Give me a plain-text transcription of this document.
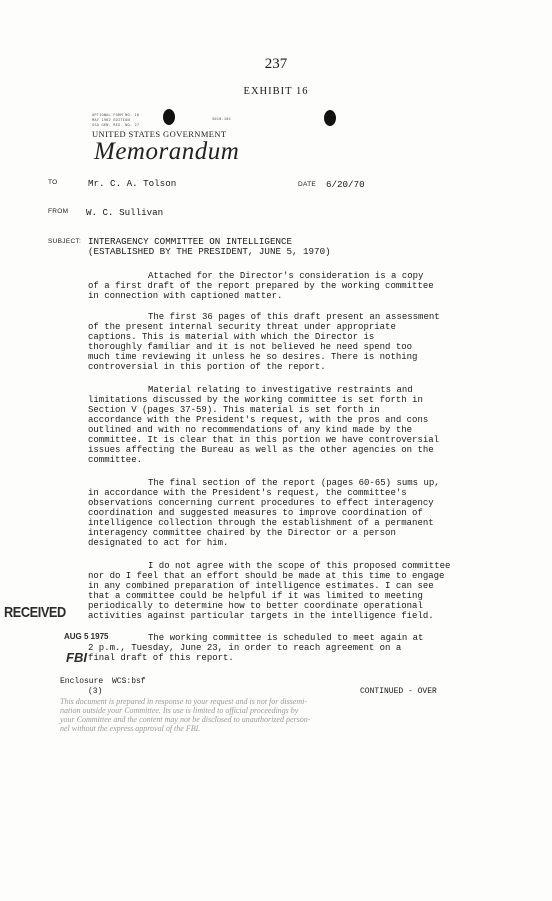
237
EXHIBIT 16
OPTIONAL FORM NO. 10
MAY 1962 EDITION
GSA GEN. REG. NO. 27
5010-104
UNITED STATES GOVERNMENT
Memorandum
TO	Mr. C. A. Tolson	DATE 6/20/70
FROM W. C. Sullivan
SUBJECT: INTERAGENCY COMMITTEE ON INTELLIGENCE
(ESTABLISHED BY THE PRESIDENT, JUNE 5, 1970)
Attached for the Director's consideration is a copy
of a first draft of the report prepared by the working committee
in connection with captioned matter.
The first 36 pages of this draft present an assessment
of the present internal security threat under appropriate
captions. This is material with which the Director is
thoroughly familiar and it is not believed he need spend too
much time reviewing it unless he so desires. There is nothing
controversial in this portion of the report.
Material relating to investigative restraints and
limitations discussed by the working committee is set forth in
Section V (pages 37-59). This material is set forth in
accordance with the President's request, with the pros and cons
outlined and with no recommendations of any kind made by the
committee. It is clear that in this portion we have controversial
issues affecting the Bureau as well as the other agencies on the
committee.
The final section of the report (pages 60-65) sums up,
in accordance with the President's request, the committee's
observations concerning current procedures to effect interagency
coordination and suggested measures to improve coordination of
intelligence collection through the establishment of a permanent
interagency committee chaired by the Director or a person
designated to act for him.
I do not agree with the scope of this proposed committee
nor do I feel that an effort should be made at this time to engage
in any combined preparation of intelligence estimates. I can see
that a committee could be helpful if it was limited to meeting
periodically to determine how to better coordinate operational
activities against particular targets in the intelligence field.
RECEIVED
AUG 5 1975
FBI
The working committee is scheduled to meet again at
2 p.m., Tuesday, June 23, in order to reach agreement on a
final draft of this report.
Enclosure WCS:bsf
(3)	CONTINUED - OVER
This document is prepared in response to your request and is not for dissemi-
nation outside your Committee. Its use is limited to official proceedings by
your Committee and the content may not be disclosed to unauthorized person-
nel without the express approval of the FBI.
